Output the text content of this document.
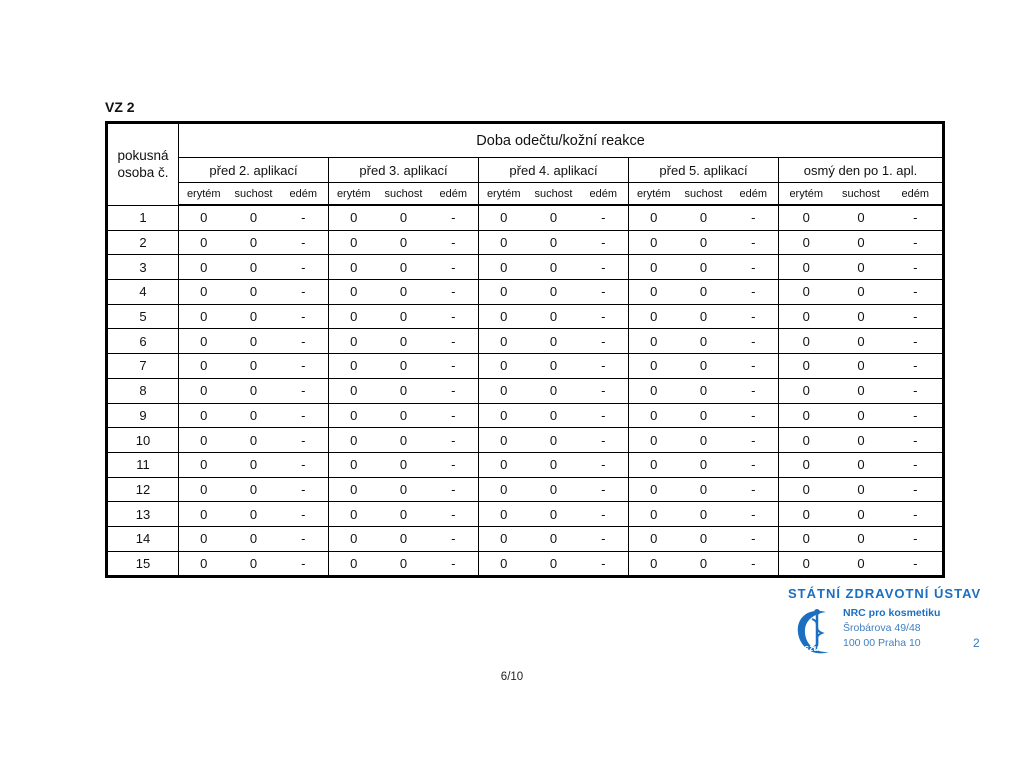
VZ 2
pokusná osoba č.	Doba odečtu/kožní reakce														
	před 2. aplikací			před 3. aplikací			před 4. aplikací			před 5. aplikací			osmý den po 1. apl.		
	erytém	suchost	edém	erytém	suchost	edém	erytém	suchost	edém	erytém	suchost	edém	erytém	suchost	edém
1	0	0	-	0	0	-	0	0	-	0	0	-	0	0	-
2	0	0	-	0	0	-	0	0	-	0	0	-	0	0	-
3	0	0	-	0	0	-	0	0	-	0	0	-	0	0	-
4	0	0	-	0	0	-	0	0	-	0	0	-	0	0	-
5	0	0	-	0	0	-	0	0	-	0	0	-	0	0	-
6	0	0	-	0	0	-	0	0	-	0	0	-	0	0	-
7	0	0	-	0	0	-	0	0	-	0	0	-	0	0	-
8	0	0	-	0	0	-	0	0	-	0	0	-	0	0	-
9	0	0	-	0	0	-	0	0	-	0	0	-	0	0	-
10	0	0	-	0	0	-	0	0	-	0	0	-	0	0	-
11	0	0	-	0	0	-	0	0	-	0	0	-	0	0	-
12	0	0	-	0	0	-	0	0	-	0	0	-	0	0	-
13	0	0	-	0	0	-	0	0	-	0	0	-	0	0	-
14	0	0	-	0	0	-	0	0	-	0	0	-	0	0	-
15	0	0	-	0	0	-	0	0	-	0	0	-	0	0	-
STÁTNÍ ZDRAVOTNÍ ÚSTAV
szu
NRC pro kosmetiku
Šrobárova 49/48
100 00 Praha 10	2
6/10
